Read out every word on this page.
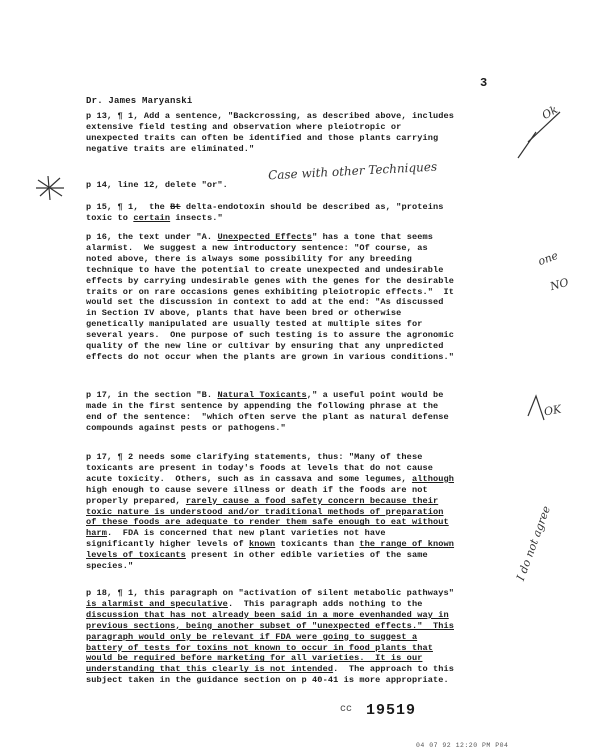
3
Dr. James Maryanski
p 13, ¶ 1, Add a sentence, "Backcrossing, as described above, includes
extensive field testing and observation where pleiotropic or
unexpected traits can often be identified and those plants carrying
negative traits are eliminated."
p 14, line 12, delete "or".
p 15, ¶ 1,  the Bt delta-endotoxin should be described as, "proteins
toxic to certain insects."
p 16, the text under "A. Unexpected Effects" has a tone that seems
alarmist.  We suggest a new introductory sentence: "Of course, as
noted above, there is always some possibility for any breeding
technique to have the potential to create unexpected and undesirable
effects by carrying undesirable genes with the genes for the desirable
traits or on rare occasions genes exhibiting pleiotropic effects."  It
would set the discussion in context to add at the end: "As discussed
in Section IV above, plants that have been bred or otherwise
genetically manipulated are usually tested at multiple sites for
several years.  One purpose of such testing is to assure the agronomic
quality of the new line or cultivar by ensuring that any unpredicted
effects do not occur when the plants are grown in various conditions."
p 17, in the section "B. Natural Toxicants," a useful point would be
made in the first sentence by appending the following phrase at the
end of the sentence:  "which often serve the plant as natural defense
compounds against pests or pathogens."
p 17, ¶ 2 needs some clarifying statements, thus: "Many of these
toxicants are present in today's foods at levels that do not cause
acute toxicity.  Others, such as in cassava and some legumes, although
high enough to cause severe illness or death if the foods are not
properly prepared, rarely cause a food safety concern because their
toxic nature is understood and/or traditional methods of preparation
of these foods are adequate to render them safe enough to eat without
harm.  FDA is concerned that new plant varieties not have
significantly higher levels of known toxicants than the range of known
levels of toxicants present in other edible varieties of the same
species."
p 18, ¶ 1, this paragraph on "activation of silent metabolic pathways"
is alarmist and speculative.  This paragraph adds nothing to the
discussion that has not already been said in a more evenhanded way in
previous sections, being another subset of "unexpected effects."  This
paragraph would only be relevant if FDA were going to suggest a
battery of tests for toxins not known to occur in food plants that
would be required before marketing for all varieties.  It is our
understanding that this clearly is not intended.  The approach to this
subject taken in the guidance section on p 40-41 is more appropriate.
Case with other Techniques
Ok
one
NO
OK
I do not agree
ᴄᴄ 19519
04 07 92 12:20 PM P04
